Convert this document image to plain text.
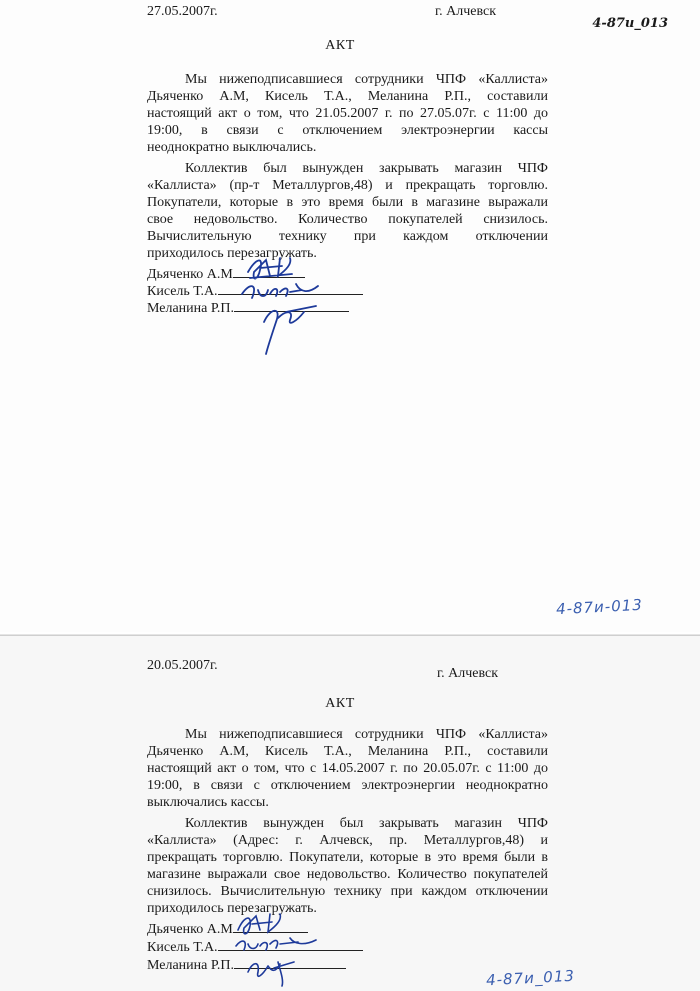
27.05.2007г.	г. Алчевск
4-87и_013
АКТ
Мы нижеподписавшиеся сотрудники ЧПФ «Каллиста»
Дьяченко А.М, Кисель Т.А., Меланина Р.П., составили
настоящий акт о том, что 21.05.2007 г. по 27.05.07г. с 11:00 до
19:00, в связи с отключением электроэнергии кассы
неоднократно выключались.
Коллектив был вынужден закрывать магазин ЧПФ
«Каллиста» (пр-т Металлургов,48) и прекращать торговлю.
Покупатели, которые в это время были в магазине выражали
свое недовольство. Количество покупателей снизилось.
Вычислительную технику при каждом отключении
приходилось перезагружать.
Дьяченко А.М
Кисель Т.А.
Меланина Р.П.
4-87и-013
20.05.2007г.
г. Алчевск
АКТ
Мы нижеподписавшиеся сотрудники ЧПФ «Каллиста»
Дьяченко А.М, Кисель Т.А., Меланина Р.П., составили
настоящий акт о том, что с 14.05.2007 г. по 20.05.07г. с 11:00 до
19:00, в связи с отключением электроэнергии неоднократно
выключались кассы.
Коллектив вынужден был закрывать магазин ЧПФ
«Каллиста» (Адрес: г. Алчевск, пр. Металлургов,48) и
прекращать торговлю. Покупатели, которые в это время были в
магазине выражали свое недовольство. Количество покупателей
снизилось. Вычислительную технику при каждом отключении
приходилось перезагружать.
Дьяченко А.М
Кисель Т.А.
Меланина Р.П.
4-87и_013
